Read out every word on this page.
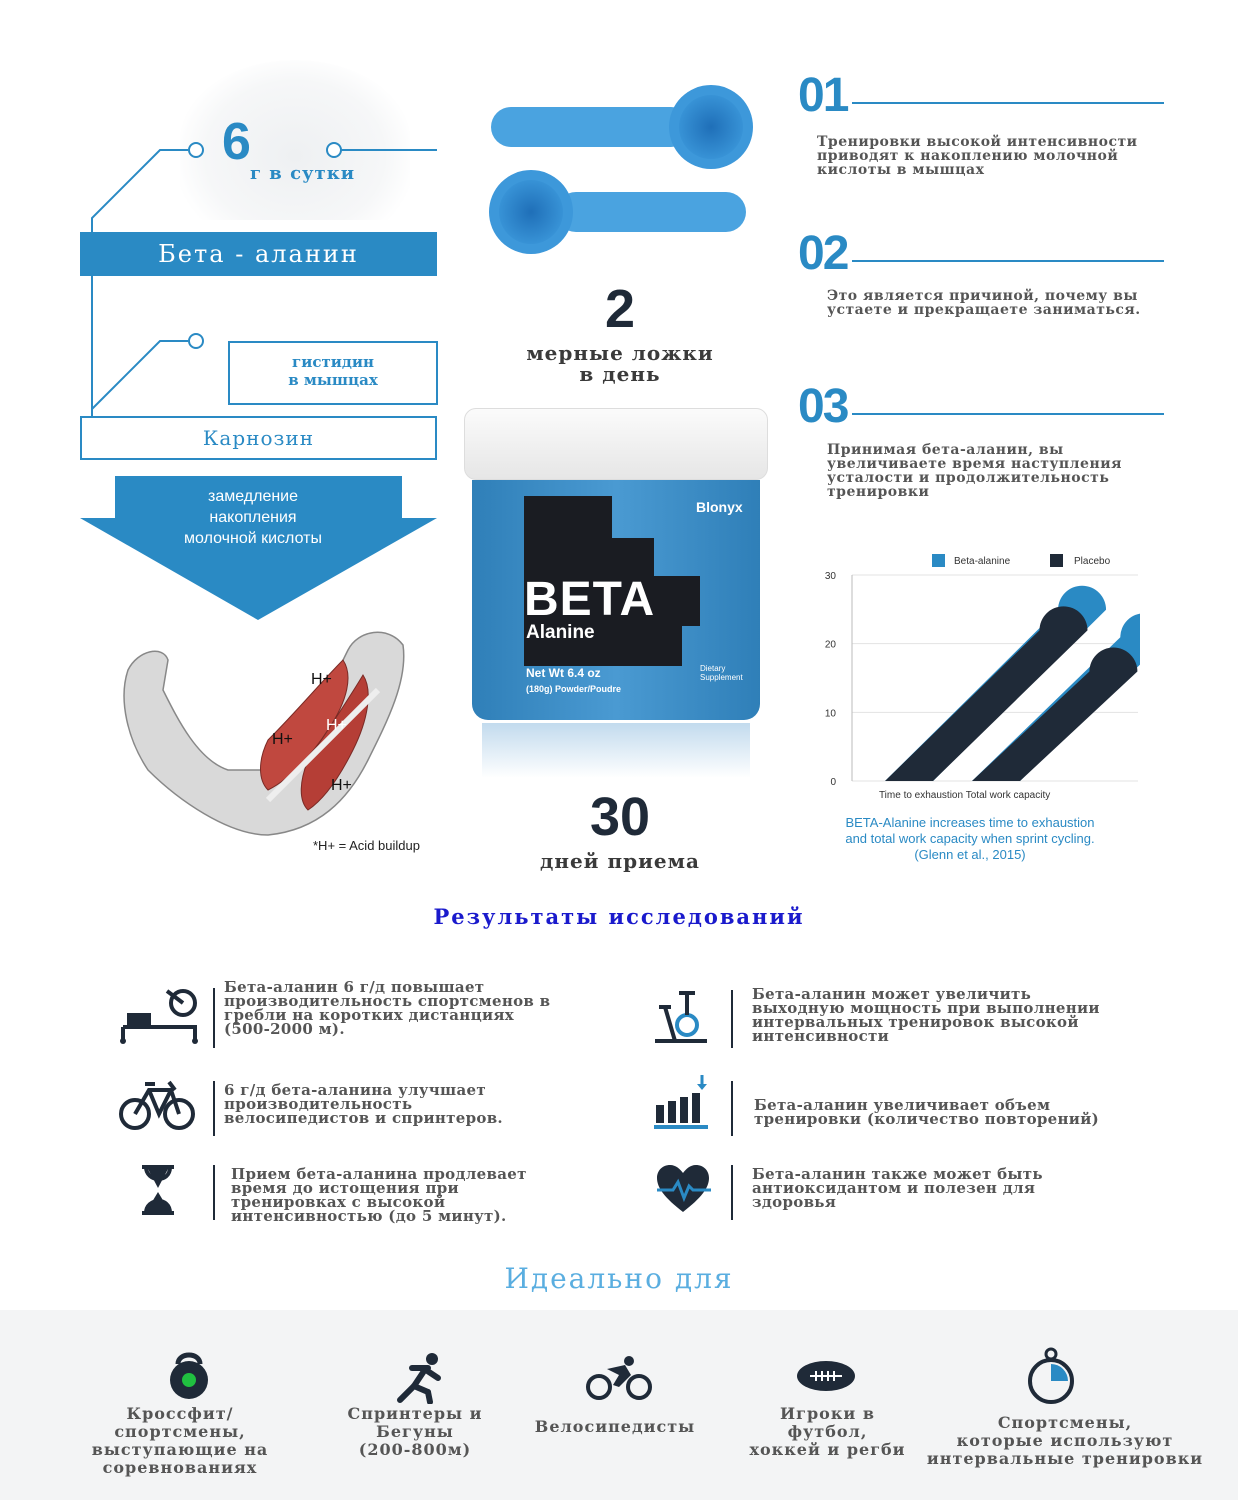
6
г в сутки
Бета - аланин
гистидин
в мышцах
Карнозин
замедление
накопления
молочной кислоты
H+
H+
H+
H+
*H+ = Acid buildup
2
мерные ложки
в день
Blonyx
BETA
Alanine
Net Wt 6.4 oz
(180g) Powder/Poudre
Dietary
Supplement
30
дней приема
01
Тренировки высокой интенсивности
приводят к накоплению молочной
кислоты в мышцах
02
Это является причиной, почему вы
устаете и прекращаете заниматься.
03
Принимая бета-аланин, вы
увеличиваете время наступления
усталости и продолжительность
тренировки
Beta-alanine	Placebo
0
10
20
30
Time to exhaustion Total work capacity
BETA-Alanine increases time to exhaustion
and total work capacity when sprint cycling.
(Glenn et al., 2015)
Результаты исследований
Бета-аланин 6 г/д повышает
производительность спортсменов в
гребли на коротких дистанциях
(500-2000 м).
Бета-аланин может увеличить
выходную мощность при выполнении
интервальных тренировок высокой
интенсивности
6 г/д бета-аланина улучшает
производительность
велосипедистов и спринтеров.
Бета-аланин увеличивает объем
тренировки (количество повторений)
Прием бета-аланина продлевает
время до истощения при
тренировках с высокой
интенсивностью (до 5 минут).
Бета-аланин также может быть
антиоксидантом и полезен для
здоровья
Идеально для
Кроссфит/
спортсмены,
выступающие на
соревнованиях
Спринтеры и
Бегуны
(200-800м)
Велосипедисты
Игроки в
футбол,
хоккей и регби
Спортсмены,
которые используют
интервальные тренировки
